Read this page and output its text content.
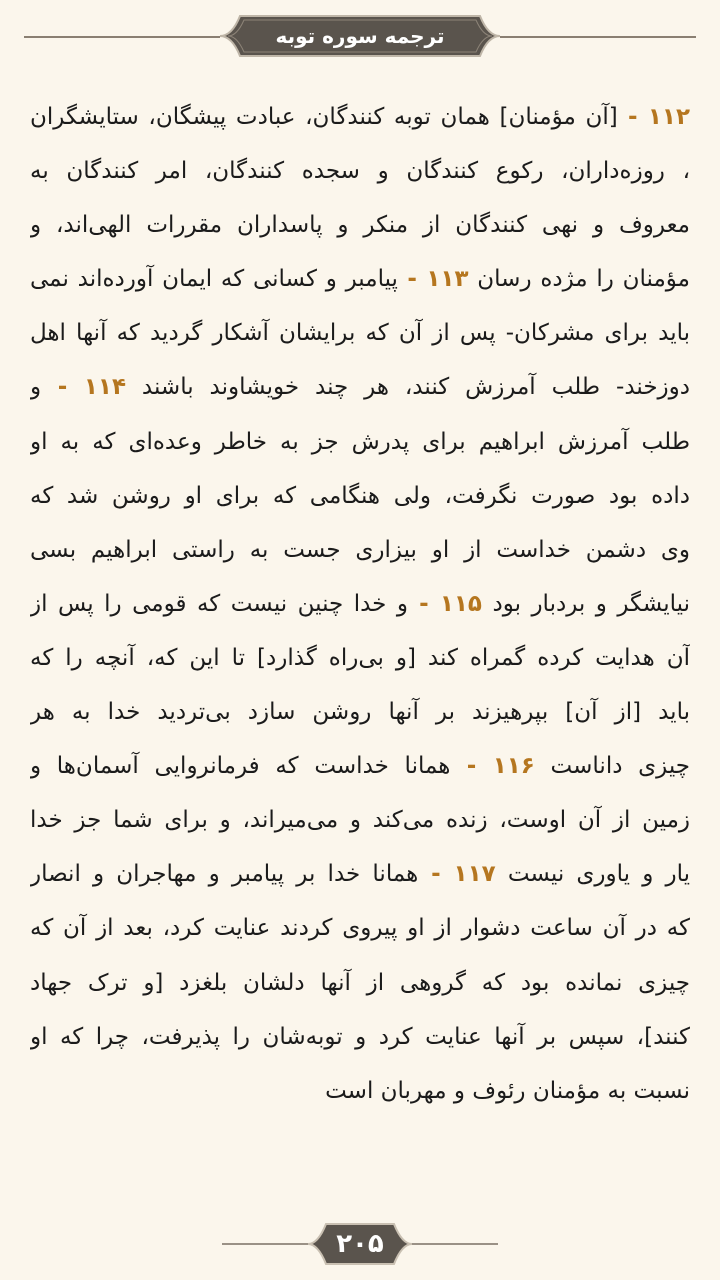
ترجمه سوره توبه
۱۱۲ - [آن مؤمنان] همان توبه کنندگان، عبادت پیشگان، ستایشگران
، روزه‌داران، رکوع کنندگان و سجده کنندگان، امر کنندگان به
معروف و نهی کنندگان از منکر و پاسداران مقررات الهی‌اند، و
مؤمنان را مژده رسان ۱۱۳ - پیامبر و کسانی که ایمان آورده‌اند نمی
باید برای مشرکان- پس از آن که برایشان آشکار گردید که آنها اهل
دوزخند- طلب آمرزش کنند، هر چند خویشاوند باشند ۱۱۴ - و
طلب آمرزش ابراهیم برای پدرش جز به خاطر وعده‌ای که به او
داده بود صورت نگرفت، ولی هنگامی که برای او روشن شد که
وی دشمن خداست از او بیزاری جست به راستی ابراهیم بسی
نیایشگر و بردبار بود ۱۱۵ - و خدا چنین نیست که قومی را پس از
آن هدایت کرده گمراه کند [و بی‌راه گذارد] تا این که، آنچه را که
باید [از آن] بپرهیزند بر آنها روشن سازد بی‌تردید خدا به هر
چیزی داناست ۱۱۶ - همانا خداست که فرمانروایی آسمان‌ها و
زمین از آن اوست، زنده می‌کند و می‌میراند، و برای شما جز خدا
یار و یاوری نیست ۱۱۷ - همانا خدا بر پیامبر و مهاجران و انصار
که در آن ساعت دشوار از او پیروی کردند عنایت کرد، بعد از آن که
چیزی نمانده بود که گروهی از آنها دلشان بلغزد [و ترک جهاد
کنند]، سپس بر آنها عنایت کرد و توبه‌شان را پذیرفت، چرا که او
نسبت به مؤمنان رئوف و مهربان است
۲۰۵
